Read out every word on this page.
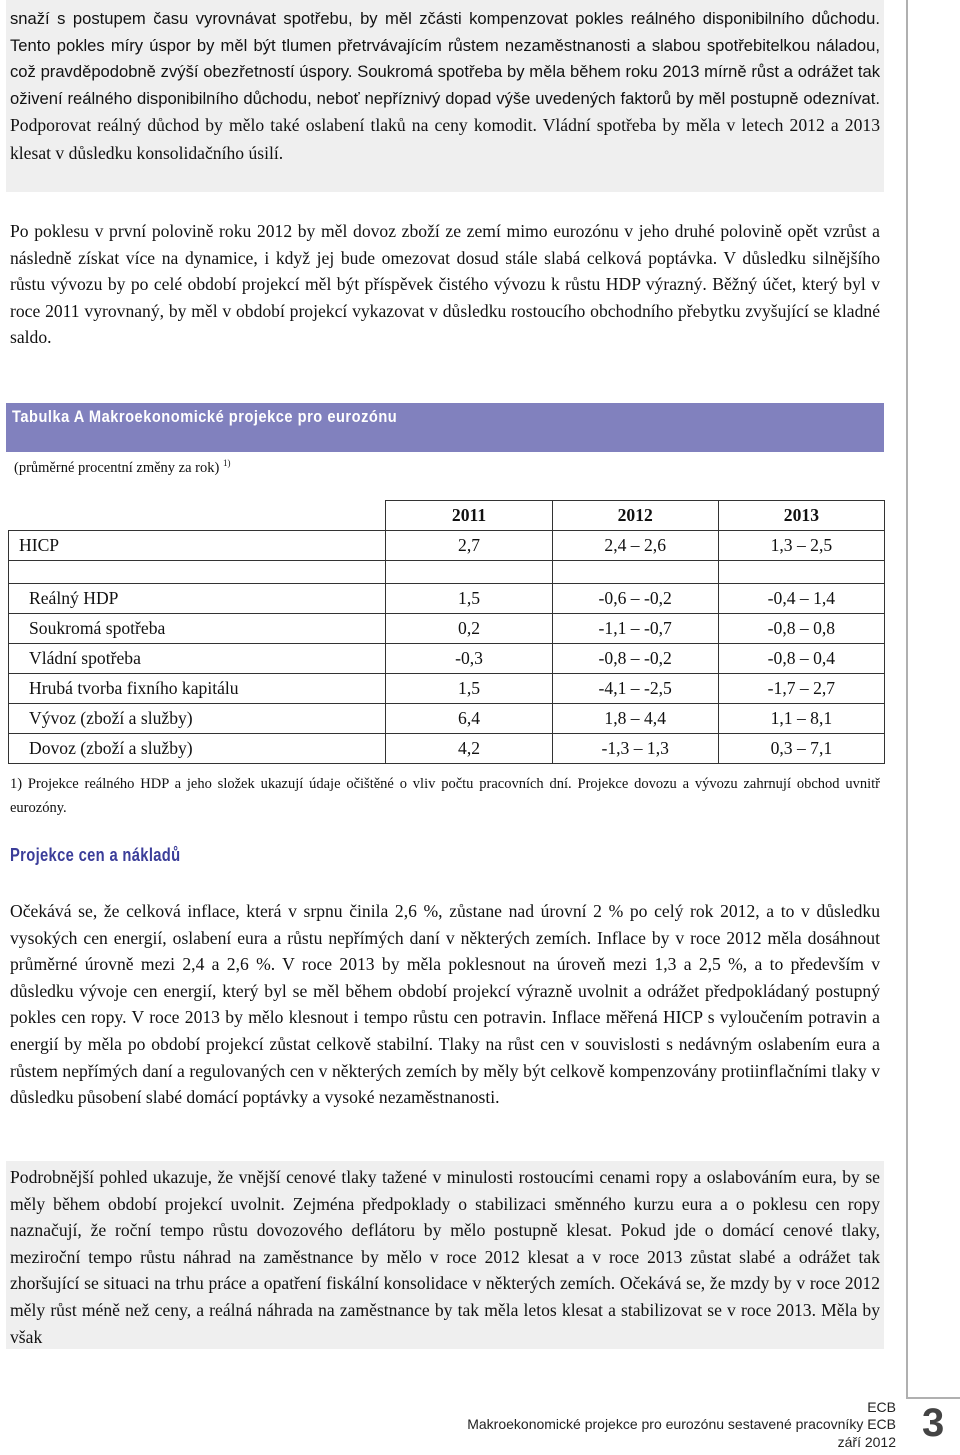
snaží s postupem času vyrovnávat spotřebu, by měl zčásti kompenzovat pokles reálného disponibilního důchodu. Tento pokles míry úspor by měl být tlumen přetrvávajícím růstem nezaměstnanosti a slabou spotřebitelkou náladou, což pravděpodobně zvýší obezřetností úspory. Soukromá spotřeba by měla během roku 2013 mírně růst a odrážet tak oživení reálného disponibilního důchodu, neboť nepříznivý dopad výše uvedených faktorů by měl postupně odeznívat. Podporovat reálný důchod by mělo také oslabení tlaků na ceny komodit. Vládní spotřeba by měla v letech 2012 a 2013 klesat v důsledku konsolidačního úsilí.

Po poklesu v první polovině roku 2012 by měl dovoz zboží ze zemí mimo eurozónu v jeho druhé polovině opět vzrůst a následně získat více na dynamice, i když jej bude omezovat dosud stále slabá celková poptávka. V důsledku silnějšího růstu vývozu by po celé období projekcí měl být příspěvek čistého vývozu k růstu HDP výrazný. Běžný účet, který byl v roce 2011 vyrovnaný, by měl v období projekcí vykazovat v důsledku rostoucího obchodního přebytku zvyšující se kladné saldo.

Tabulka A Makroekonomické projekce pro eurozónu
(průměrné procentní změny za rok) $^{1)}$
	2011	2012	2013
HICP	2,7	2,4 – 2,6	1,3 – 2,5

Reálný HDP	1,5	-0,6 – -0,2	-0,4 – 1,4
Soukromá spotřeba	0,2	-1,1 – -0,7	-0,8 – 0,8
Vládní spotřeba	-0,3	-0,8 – -0,2	-0,8 – 0,4
Hrubá tvorba fixního kapitálu	1,5	-4,1 – -2,5	-1,7 – 2,7
Vývoz (zboží a služby)	6,4	1,8 – 4,4	1,1 – 8,1
Dovoz (zboží a služby)	4,2	-1,3 – 1,3	0,3 – 7,1

1) Projekce reálného HDP a jeho složek ukazují údaje očištěné o vliv počtu pracovních dní. Projekce dovozu a vývozu zahrnují obchod uvnitř eurozóny.

Projekce cen a nákladů

Očekává se, že celková inflace, která v srpnu činila 2,6 %, zůstane nad úrovní 2 % po celý rok 2012, a to v důsledku vysokých cen energií, oslabení eura a růstu nepřímých daní v některých zemích. Inflace by v roce 2012 měla dosáhnout průměrné úrovně mezi 2,4 a 2,6 %. V roce 2013 by měla poklesnout na úroveň mezi 1,3 a 2,5 %, a to především v důsledku vývoje cen energií, který byl se měl během období projekcí výrazně uvolnit a odrážet předpokládaný postupný pokles cen ropy. V roce 2013 by mělo klesnout i tempo růstu cen potravin. Inflace měřená HICP s vyloučením potravin a energií by měla po období projekcí zůstat celkově stabilní. Tlaky na růst cen v souvislosti s nedávným oslabením eura a růstem nepřímých daní a regulovaných cen v některých zemích by měly být celkově kompenzovány protiinflačními tlaky v důsledku působení slabé domácí poptávky a vysoké nezaměstnanosti.

Podrobnější pohled ukazuje, že vnější cenové tlaky tažené v minulosti rostoucími cenami ropy a oslabováním eura, by se měly během období projekcí uvolnit. Zejména předpoklady o stabilizaci směnného kurzu eura a o poklesu cen ropy naznačují, že roční tempo růstu dovozového deflátoru by mělo postupně klesat. Pokud jde o domácí cenové tlaky, meziroční tempo růstu náhrad na zaměstnance by mělo v roce 2012 klesat a v roce 2013 zůstat slabé a odrážet tak zhoršující se situaci na trhu práce a opatření fiskální konsolidace v některých zemích. Očekává se, že mzdy by v roce 2012 měly růst méně než ceny, a reálná náhrada na zaměstnance by tak měla letos klesat a stabilizovat se v roce 2013. Měla by však

ECB
Makroekonomické projekce pro eurozónu sestavené pracovníky ECB
září 2012 3
